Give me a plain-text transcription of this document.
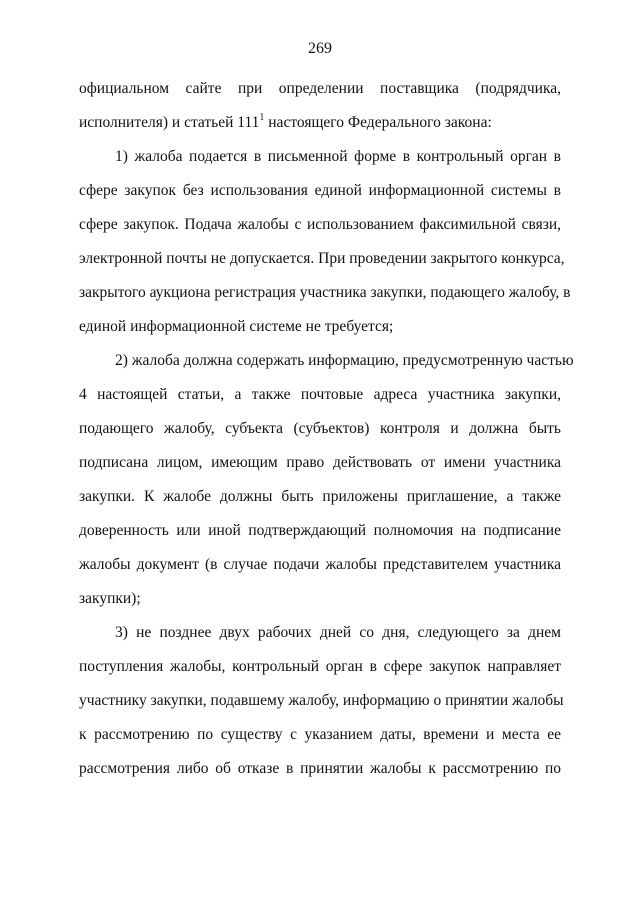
269
официальном сайте при определении поставщика (подрядчика,
исполнителя) и статьей $111^1$ настоящего Федерального закона:
1) жалоба подается в письменной форме в контрольный орган в
сфере закупок без использования единой информационной системы в
сфере закупок. Подача жалобы с использованием факсимильной связи,
электронной почты не допускается. При проведении закрытого конкурса,
закрытого аукциона регистрация участника закупки, подающего жалобу, в
единой информационной системе не требуется;
2) жалоба должна содержать информацию, предусмотренную частью
4 настоящей статьи, а также почтовые адреса участника закупки,
подающего жалобу, субъекта (субъектов) контроля и должна быть
подписана лицом, имеющим право действовать от имени участника
закупки. К жалобе должны быть приложены приглашение, а также
доверенность или иной подтверждающий полномочия на подписание
жалобы документ (в случае подачи жалобы представителем участника
закупки);
3) не позднее двух рабочих дней со дня, следующего за днем
поступления жалобы, контрольный орган в сфере закупок направляет
участнику закупки, подавшему жалобу, информацию о принятии жалобы
к рассмотрению по существу с указанием даты, времени и места ее
рассмотрения либо об отказе в принятии жалобы к рассмотрению по
